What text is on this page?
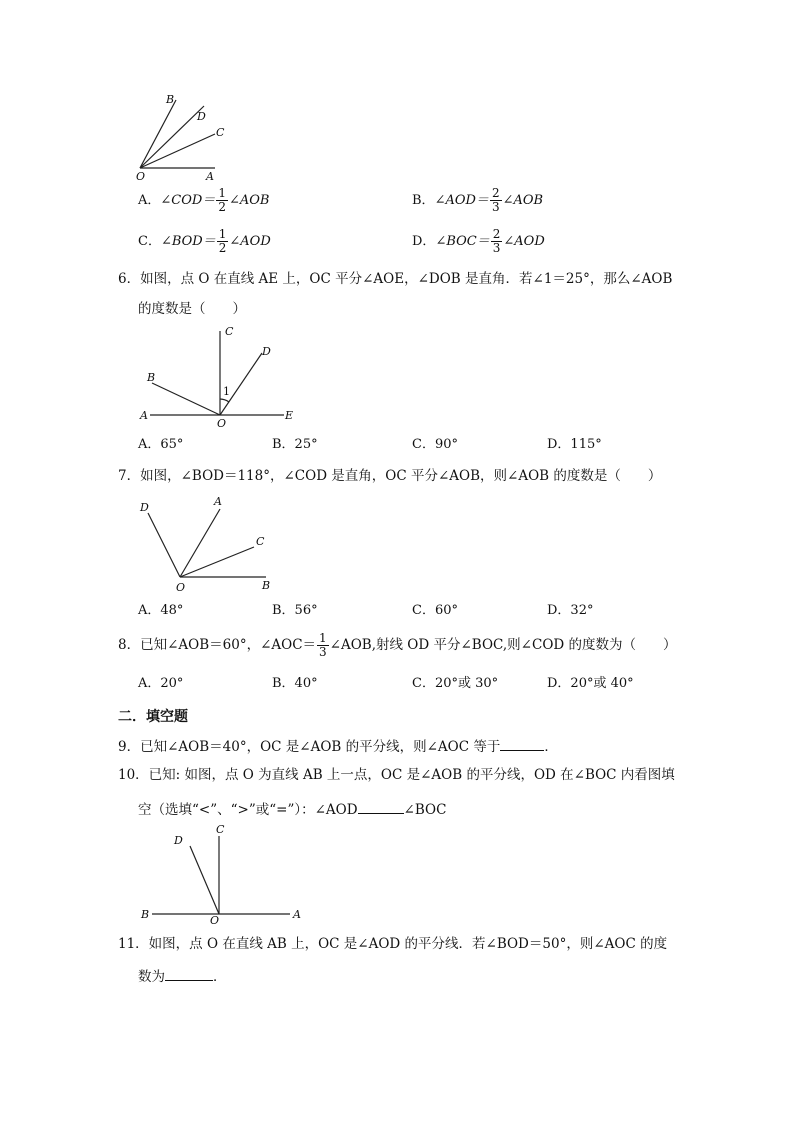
B
D
C
O	A
A．∠COD＝ $\frac{1}{2}$ ∠AOB	B．∠AOD＝ $\frac{2}{3}$ ∠AOB
C．∠BOD＝ $\frac{1}{2}$ ∠AOD	D．∠BOC＝ $\frac{2}{3}$ ∠AOD
6．如图，点 O 在直线 AE 上，OC 平分∠AOE，∠DOB 是直角．若∠1＝25°，那么∠AOB
的度数是（　　）
C
D
B
1
A
O
E
A．65°	B．25°	C．90°	D．115°
7．如图，∠BOD＝118°，∠COD 是直角，OC 平分∠AOB，则∠AOB 的度数是（　　）
D	A
C
O	B
A．48°	B．56°	C．60°	D．32°
8．已知∠AOB＝60°，∠AOC＝ $\frac{1}{3}$ ∠AOB,射线 OD 平分∠BOC,则∠COD 的度数为（　　）
A．20°	B．40°	C．20°或 30°	D．20°或 40°
二．填空题
9．已知∠AOB＝40°，OC 是∠AOB 的平分线，则∠AOC 等于	．
10．已知: 如图，点 O 为直线 AB 上一点，OC 是∠AOB 的平分线，OD 在∠BOC 内看图填
空（选填“<”、“>”或“=”）：∠AOD	∠BOC
D
C
B	O	A
11．如图，点 O 在直线 AB 上，OC 是∠AOD 的平分线．若∠BOD＝50°，则∠AOC 的度
数为	．
